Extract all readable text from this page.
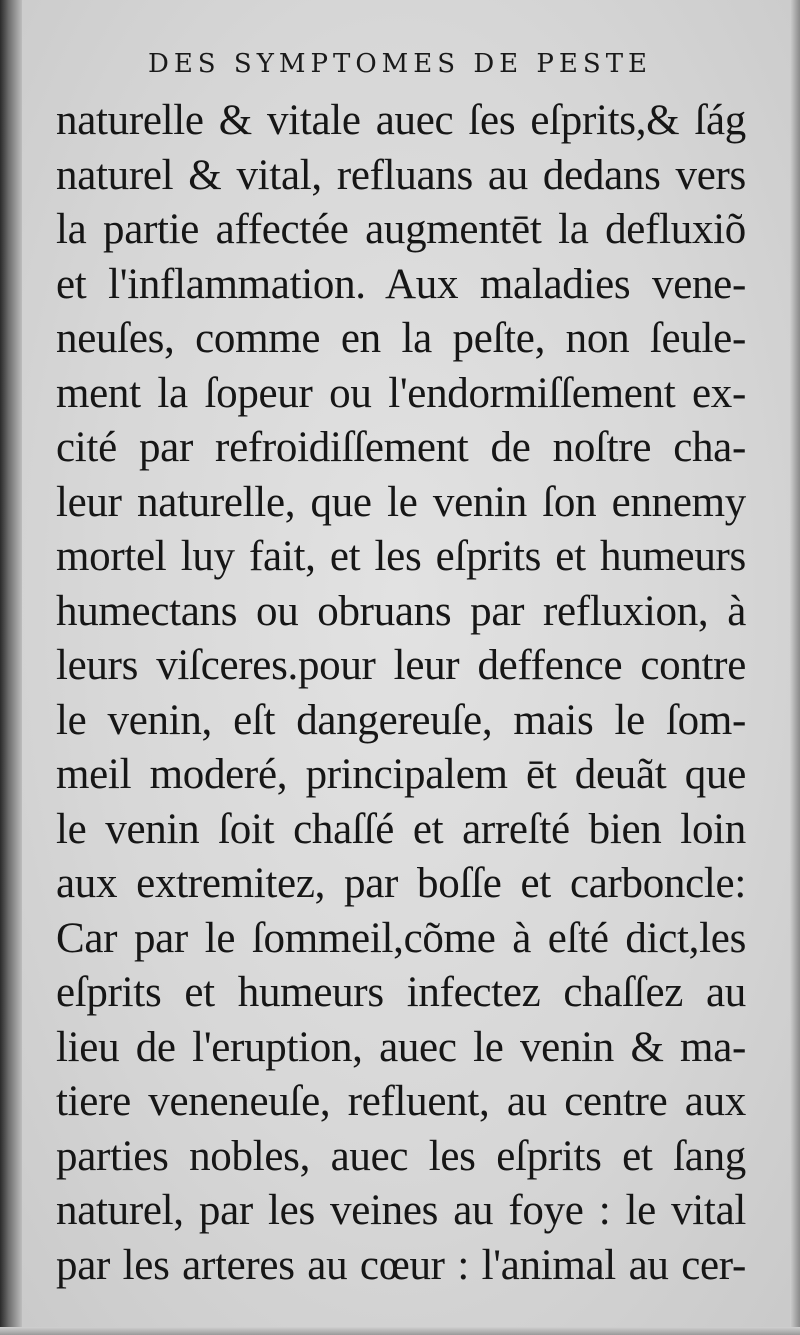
DES SYMPTOMES DE PESTE
naturelle & vitale auec ſes eſprits,& ſág
naturel & vital, refluans au dedans vers
la partie affectée augmentēt la defluxiõ
et l'inflammation. Aux maladies vene-
neuſes, comme en la peſte, non ſeule-
ment la ſopeur ou l'endormiſſement ex-
cité par refroidiſſement de noſtre cha-
leur naturelle, que le venin ſon ennemy
mortel luy fait, et les eſprits et humeurs
humectans ou obruans par refluxion, à
leurs viſceres.pour leur deffence contre
le venin, eſt dangereuſe, mais le ſom-
meil moderé, principalem ēt deuãt que
le venin ſoit chaſſé et arreſté bien loin
aux extremitez, par boſſe et carboncle:
Car par le ſommeil,cõme à eſté dict,les
eſprits et humeurs infectez chaſſez au
lieu de l'eruption, auec le venin & ma-
tiere veneneuſe, refluent, au centre aux
parties nobles, auec les eſprits et ſang
naturel, par les veines au foye : le vital
par les arteres au cœur : l'animal au cer-
